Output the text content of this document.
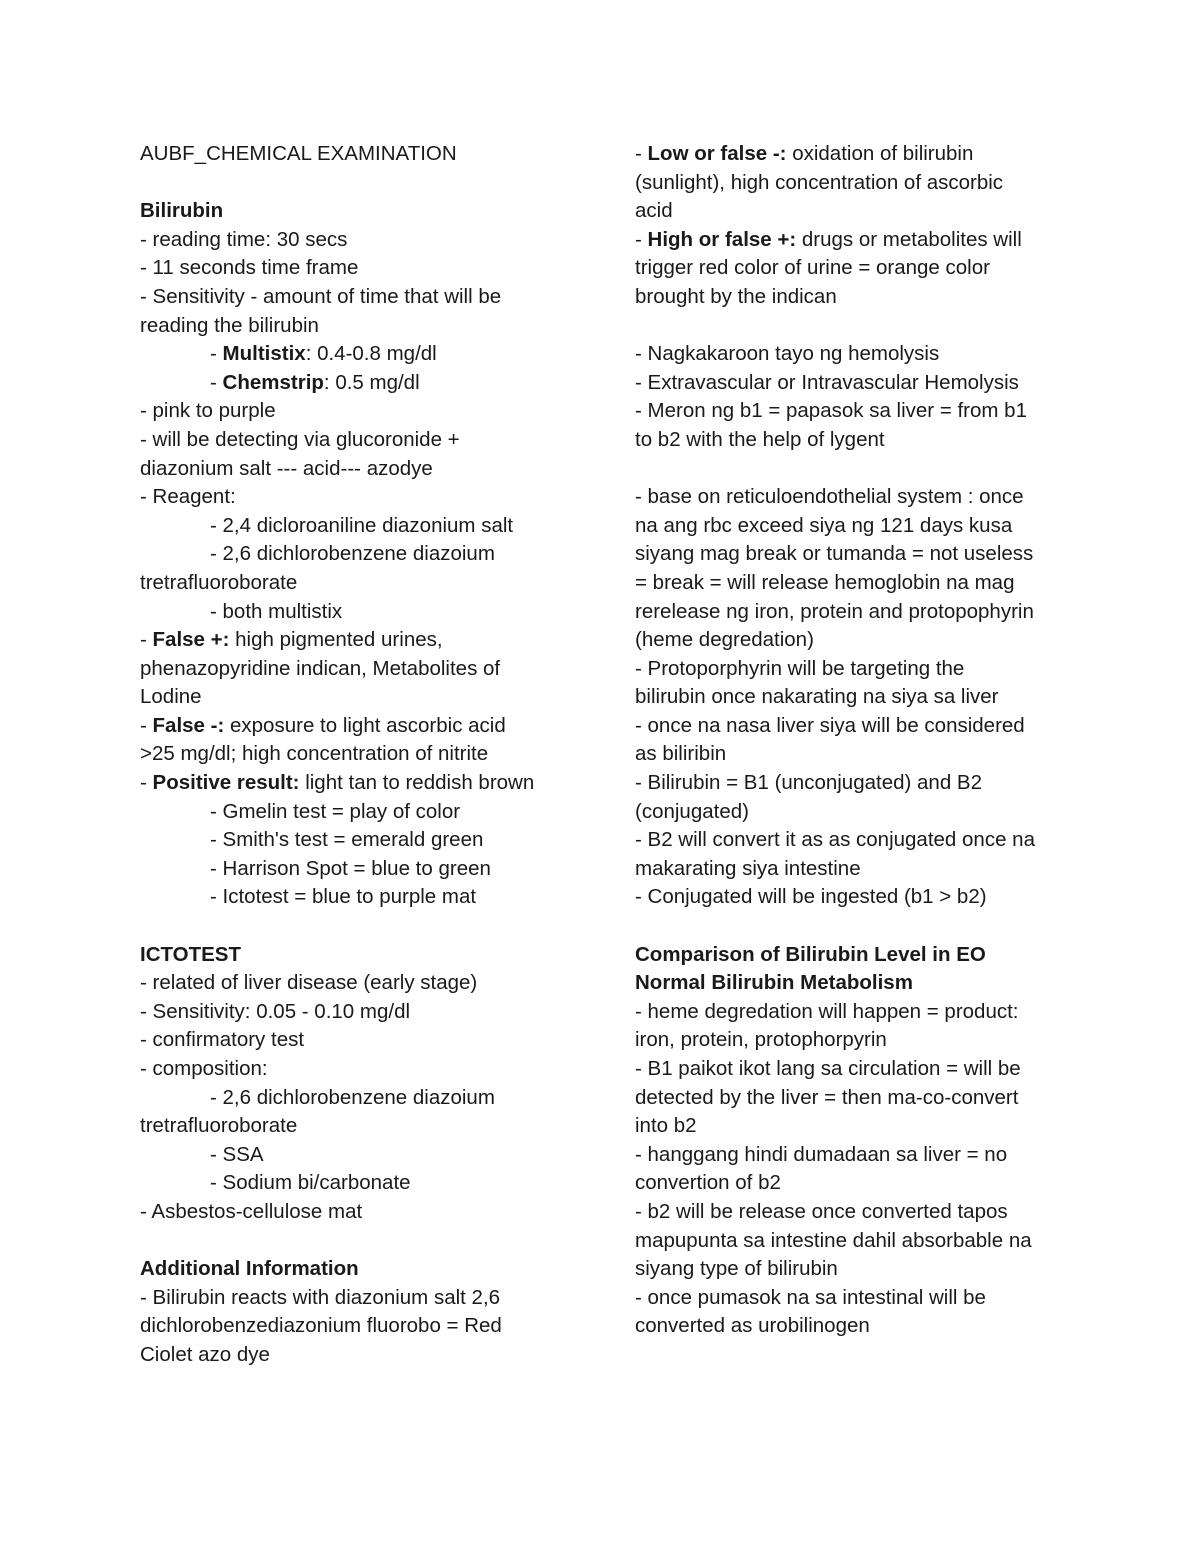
AUBF_CHEMICAL EXAMINATION
Bilirubin
- reading time: 30 secs
- 11 seconds time frame
- Sensitivity - amount of time that will be
reading the bilirubin
- Multistix: 0.4-0.8 mg/dl
- Chemstrip: 0.5 mg/dl
- pink to purple
- will be detecting via glucoronide +
diazonium salt --- acid--- azodye
- Reagent:
- 2,4 dicloroaniline diazonium salt
- 2,6 dichlorobenzene diazoium
tretrafluoroborate
- both multistix
- False +: high pigmented urines,
phenazopyridine indican, Metabolites of
Lodine
- False -: exposure to light ascorbic acid
>25 mg/dl; high concentration of nitrite
- Positive result: light tan to reddish brown
- Gmelin test = play of color
- Smith's test = emerald green
- Harrison Spot = blue to green
- Ictotest = blue to purple mat
ICTOTEST
- related of liver disease (early stage)
- Sensitivity: 0.05 - 0.10 mg/dl
- confirmatory test
- composition:
- 2,6 dichlorobenzene diazoium
tretrafluoroborate
- SSA
- Sodium bi/carbonate
- Asbestos-cellulose mat
Additional Information
- Bilirubin reacts with diazonium salt 2,6
dichlorobenzediazonium fluorobo = Red
Ciolet azo dye
- Low or false -: oxidation of bilirubin
(sunlight), high concentration of ascorbic
acid
- High or false +: drugs or metabolites will
trigger red color of urine = orange color
brought by the indican
- Nagkakaroon tayo ng hemolysis
- Extravascular or Intravascular Hemolysis
- Meron ng b1 = papasok sa liver = from b1
to b2 with the help of lygent
- base on reticuloendothelial system : once
na ang rbc exceed siya ng 121 days kusa
siyang mag break or tumanda = not useless
= break = will release hemoglobin na mag
rerelease ng iron, protein and protopophyrin
(heme degredation)
- Protoporphyrin will be targeting the
bilirubin once nakarating na siya sa liver
- once na nasa liver siya will be considered
as biliribin
- Bilirubin = B1 (unconjugated) and B2
(conjugated)
- B2 will convert it as as conjugated once na
makarating siya intestine
- Conjugated will be ingested (b1 > b2)
Comparison of Bilirubin Level in EO
Normal Bilirubin Metabolism
- heme degredation will happen = product:
iron, protein, protophorpyrin
- B1 paikot ikot lang sa circulation = will be
detected by the liver = then ma-co-convert
into b2
- hanggang hindi dumadaan sa liver = no
convertion of b2
- b2 will be release once converted tapos
mapupunta sa intestine dahil absorbable na
siyang type of bilirubin
- once pumasok na sa intestinal will be
converted as urobilinogen
